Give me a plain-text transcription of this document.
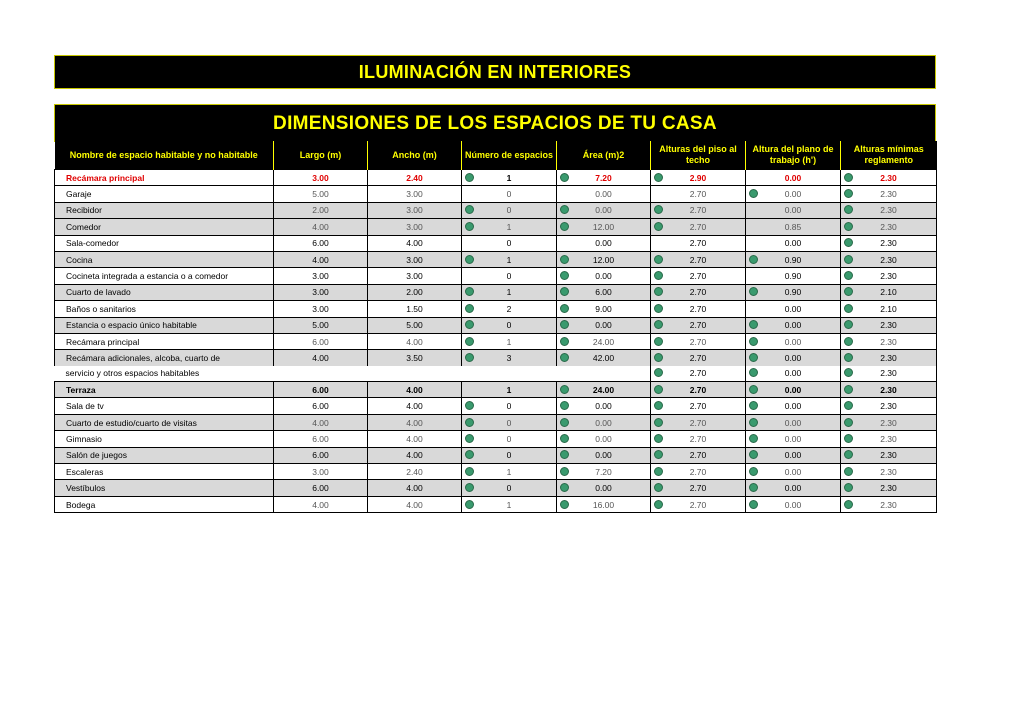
ILUMINACIÓN EN INTERIORES
DIMENSIONES DE LOS ESPACIOS DE TU CASA
Nombre de espacio habitable y no habitable	Largo (m)	Ancho (m)	Número de espacios	Área (m)2	Alturas del piso al techo	Altura del plano de trabajo (h')	Alturas mínimas reglamento
Recámara principal	3.00	2.40	1	7.20	2.90	0.00	2.30
Garaje	5.00	3.00	0	0.00	2.70	0.00	2.30
Recibidor	2.00	3.00	0	0.00	2.70	0.00	2.30
Comedor	4.00	3.00	1	12.00	2.70	0.85	2.30
Sala-comedor	6.00	4.00	0	0.00	2.70	0.00	2.30
Cocina	4.00	3.00	1	12.00	2.70	0.90	2.30
Cocineta integrada a estancia o a comedor	3.00	3.00	0	0.00	2.70	0.90	2.30
Cuarto de lavado	3.00	2.00	1	6.00	2.70	0.90	2.10
Baños o sanitarios	3.00	1.50	2	9.00	2.70	0.00	2.10
Estancia o espacio único habitable	5.00	5.00	0	0.00	2.70	0.00	2.30
Recámara principal	6.00	4.00	1	24.00	2.70	0.00	2.30
Recámara adicionales, alcoba, cuarto de	4.00	3.50	3	42.00	2.70	0.00	2.30
servicio y otros espacios habitables					2.70	0.00	2.30
Terraza	6.00	4.00	1	24.00	2.70	0.00	2.30
Sala de tv	6.00	4.00	0	0.00	2.70	0.00	2.30
Cuarto de estudio/cuarto de visitas	4.00	4.00	0	0.00	2.70	0.00	2.30
Gimnasio	6.00	4.00	0	0.00	2.70	0.00	2.30
Salón de juegos	6.00	4.00	0	0.00	2.70	0.00	2.30
Escaleras	3.00	2.40	1	7.20	2.70	0.00	2.30
Vestíbulos	6.00	4.00	0	0.00	2.70	0.00	2.30
Bodega	4.00	4.00	1	16.00	2.70	0.00	2.30
